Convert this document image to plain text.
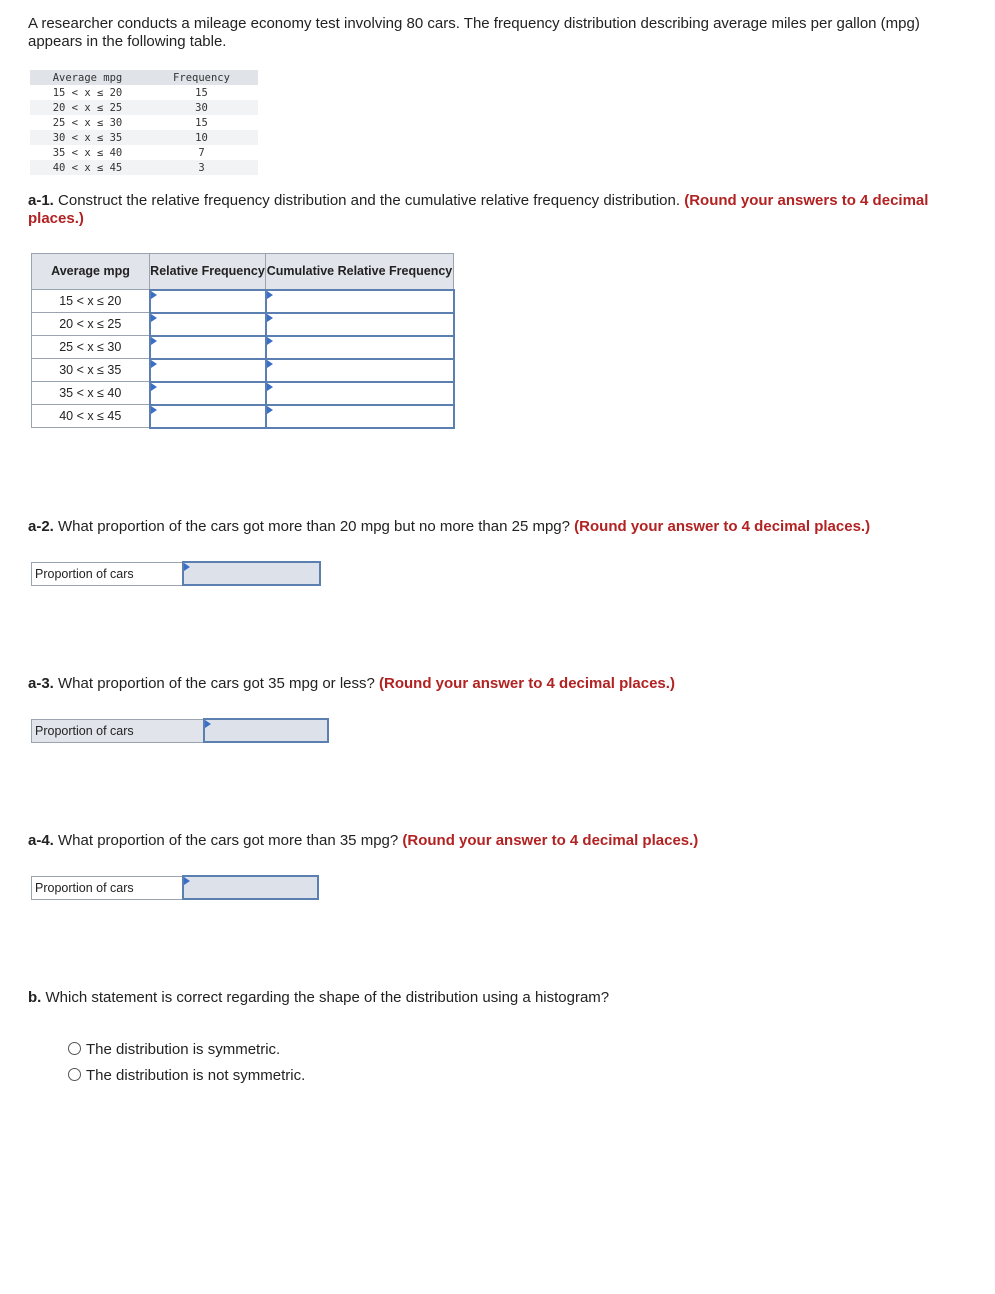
A researcher conducts a mileage economy test involving 80 cars. The frequency distribution describing average miles per gallon (mpg) appears in the following table.
Average mpg	Frequency
15 < x ≤ 20	15
20 < x ≤ 25	30
25 < x ≤ 30	15
30 < x ≤ 35	10
35 < x ≤ 40	7
40 < x ≤ 45	3
a-1. Construct the relative frequency distribution and the cumulative relative frequency distribution. (Round your answers to 4 decimal places.)
Average mpg	Relative Frequency	Cumulative Relative Frequency
15 < x ≤ 20	

20 < x ≤ 25	

25 < x ≤ 30	

30 < x ≤ 35	

35 < x ≤ 40	

40 < x ≤ 45	

a-2. What proportion of the cars got more than 20 mpg but no more than 25 mpg? (Round your answer to 4 decimal places.)
Proportion of cars	
a-3. What proportion of the cars got 35 mpg or less? (Round your answer to 4 decimal places.)
Proportion of cars	
a-4. What proportion of the cars got more than 35 mpg? (Round your answer to 4 decimal places.)
Proportion of cars	
b. Which statement is correct regarding the shape of the distribution using a histogram?
The distribution is symmetric.
The distribution is not symmetric.
